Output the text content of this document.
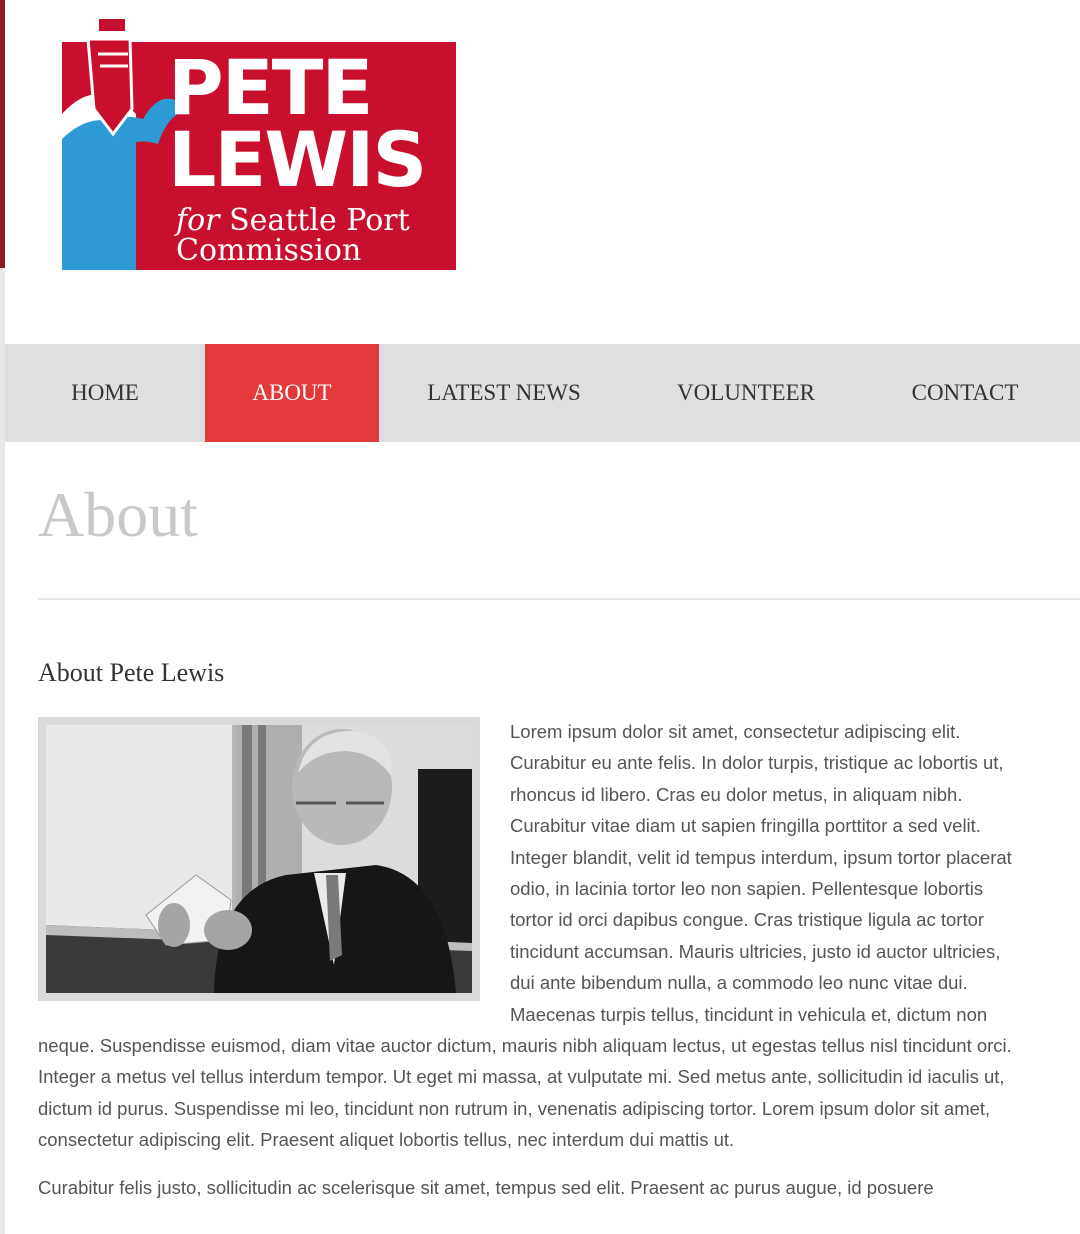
PETE
LEWIS
for Seattle Port
Commission
HOME	ABOUT	LATEST NEWS	VOLUNTEER	CONTACT
About
About Pete Lewis

Lorem ipsum dolor sit amet, consectetur adipiscing elit. Curabitur eu ante felis. In dolor turpis, tristique ac lobortis ut, rhoncus id libero. Cras eu dolor metus, in aliquam nibh. Curabitur vitae diam ut sapien fringilla porttitor a sed velit. Integer blandit, velit id tempus interdum, ipsum tortor placerat odio, in lacinia tortor leo non sapien. Pellentesque lobortis tortor id orci dapibus congue. Cras tristique ligula ac tortor tincidunt accumsan. Mauris ultricies, justo id auctor ultricies, dui ante bibendum nulla, a commodo leo nunc vitae dui. Maecenas turpis tellus, tincidunt in vehicula et, dictum non neque. Suspendisse euismod, diam vitae auctor dictum, mauris nibh aliquam lectus, ut egestas tellus nisl tincidunt orci. Integer a metus vel tellus interdum tempor. Ut eget mi massa, at vulputate mi. Sed metus ante, sollicitudin id iaculis ut, dictum id purus. Suspendisse mi leo, tincidunt non rutrum in, venenatis adipiscing tortor. Lorem ipsum dolor sit amet, consectetur adipiscing elit. Praesent aliquet lobortis tellus, nec interdum dui mattis ut.

Curabitur felis justo, sollicitudin ac scelerisque sit amet, tempus sed elit. Praesent ac purus augue, id posuere
